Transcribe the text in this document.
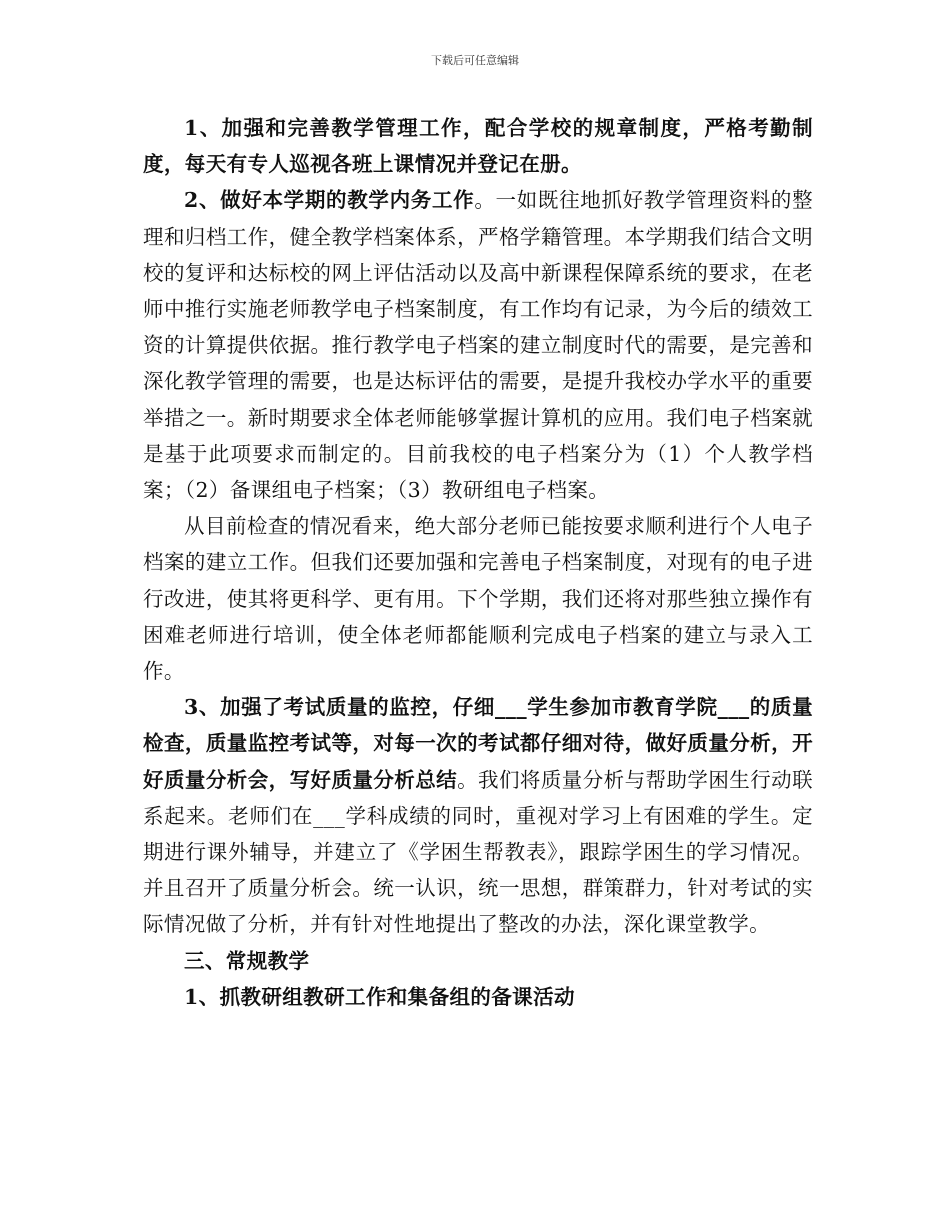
下载后可任意编辑

1、加强和完善教学管理工作，配合学校的规章制度，严格考勤制度，每天有专人巡视各班上课情况并登记在册。

2、做好本学期的教学内务工作。一如既往地抓好教学管理资料的整理和归档工作，健全教学档案体系，严格学籍管理。本学期我们结合文明校的复评和达标校的网上评估活动以及高中新课程保障系统的要求，在老师中推行实施老师教学电子档案制度，有工作均有记录，为今后的绩效工资的计算提供依据。推行教学电子档案的建立制度时代的需要，是完善和深化教学管理的需要，也是达标评估的需要，是提升我校办学水平的重要举措之一。新时期要求全体老师能够掌握计算机的应用。我们电子档案就是基于此项要求而制定的。目前我校的电子档案分为（1）个人教学档案；（2）备课组电子档案；（3）教研组电子档案。

从目前检查的情况看来，绝大部分老师已能按要求顺利进行个人电子档案的建立工作。但我们还要加强和完善电子档案制度，对现有的电子进行改进，使其将更科学、更有用。下个学期，我们还将对那些独立操作有困难老师进行培训，使全体老师都能顺利完成电子档案的建立与录入工作。

3、加强了考试质量的监控，仔细___学生参加市教育学院___的质量检查，质量监控考试等，对每一次的考试都仔细对待，做好质量分析，开好质量分析会，写好质量分析总结。我们将质量分析与帮助学困生行动联系起来。老师们在___学科成绩的同时，重视对学习上有困难的学生。定期进行课外辅导，并建立了《学困生帮教表》，跟踪学困生的学习情况。并且召开了质量分析会。统一认识，统一思想，群策群力，针对考试的实际情况做了分析，并有针对性地提出了整改的办法，深化课堂教学。

三、常规教学

1、抓教研组教研工作和集备组的备课活动
